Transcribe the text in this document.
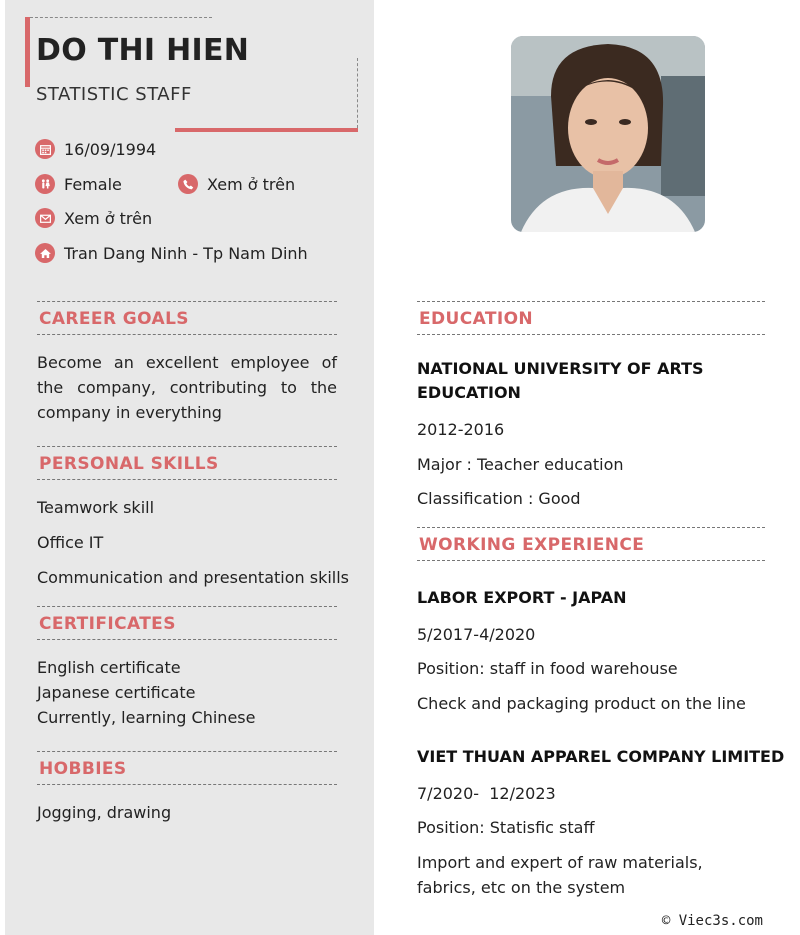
DO THI HIEN
STATISTIC STAFF
16/09/1994
Female	Xem ở trên
Xem ở trên
Tran Dang Ninh - Tp Nam Dinh
CAREER GOALS
Become an excellent employee of the company, contributing to the company in everything
PERSONAL SKILLS
Teamwork skill
Office IT
Communication and presentation skills
CERTIFICATES
English certificate
Japanese certificate
Currently, learning Chinese
HOBBIES
Jogging, drawing
EDUCATION
NATIONAL UNIVERSITY OF ARTS EDUCATION
2012-2016
Major : Teacher education
Classification : Good
WORKING EXPERIENCE
LABOR EXPORT - JAPAN
5/2017-4/2020
Position: staff in food warehouse
Check and packaging product on the line
VIET THUAN APPAREL COMPANY LIMITED
7/2020-  12/2023
Position: Statisfic staff
Import and expert of raw materials, fabrics, etc on the system
© Viec3s.com
